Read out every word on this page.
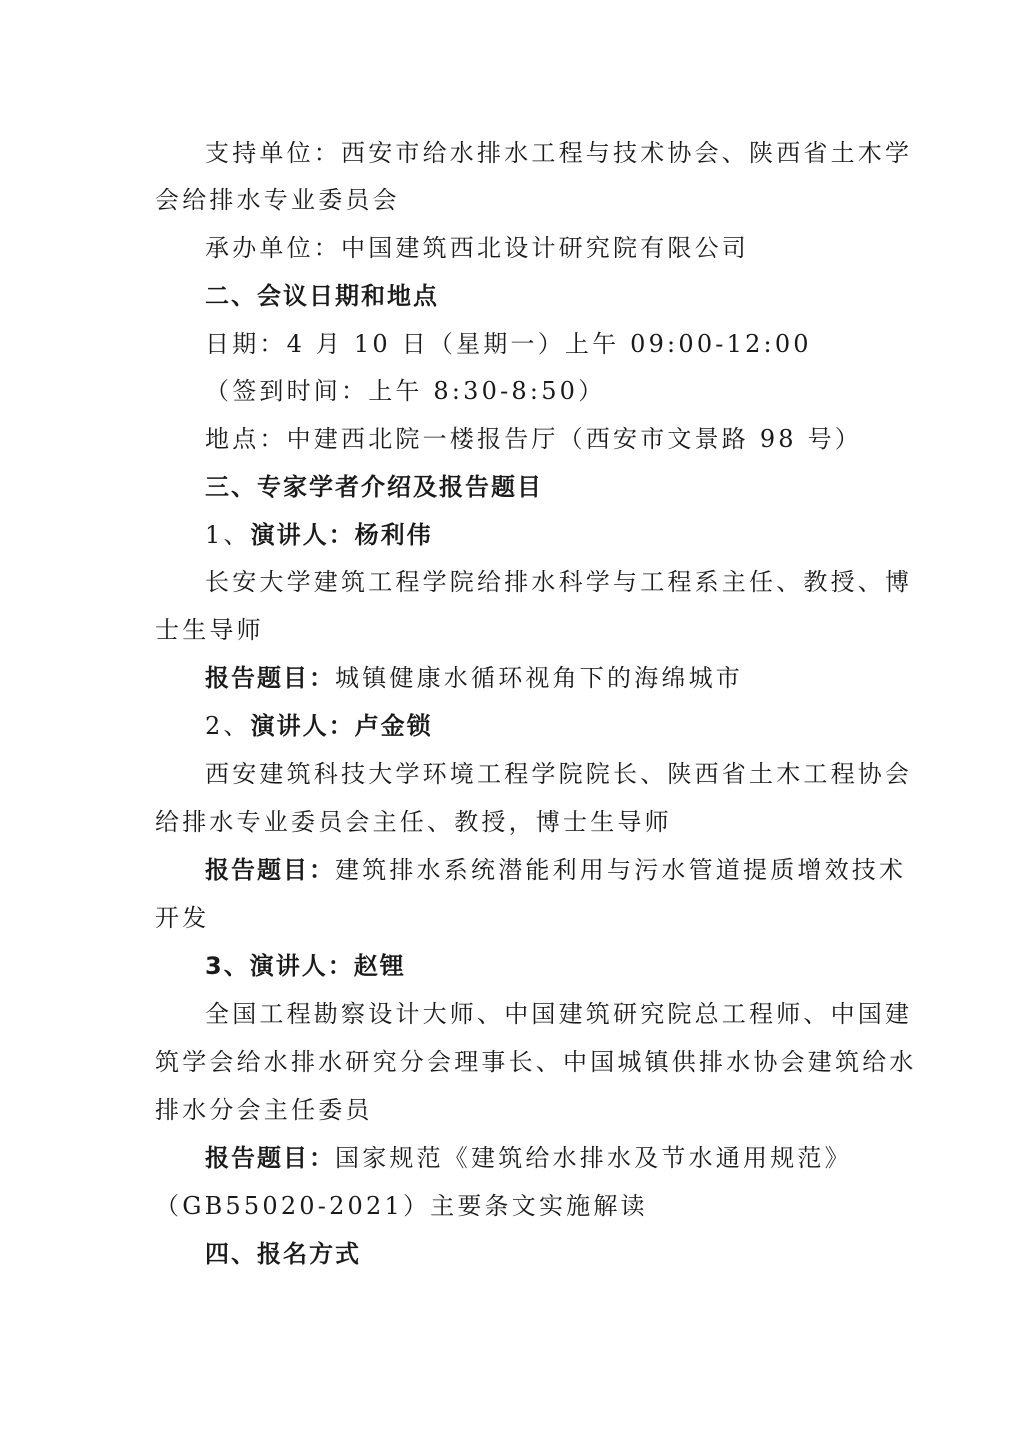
支持单位：西安市给水排水工程与技术协会、陕西省土木学
会给排水专业委员会
承办单位：中国建筑西北设计研究院有限公司
二、会议日期和地点
日期：4 月 10 日（星期一）上午 09:00-12:00
（签到时间：上午 8:30-8:50）
地点：中建西北院一楼报告厅（西安市文景路 98 号）
三、专家学者介绍及报告题目
1、演讲人：杨利伟
长安大学建筑工程学院给排水科学与工程系主任、教授、博
士生导师
报告题目：城镇健康水循环视角下的海绵城市
2、演讲人：卢金锁
西安建筑科技大学环境工程学院院长、陕西省土木工程协会
给排水专业委员会主任、教授，博士生导师
报告题目：建筑排水系统潜能利用与污水管道提质增效技术
开发
3、演讲人：赵锂
全国工程勘察设计大师、中国建筑研究院总工程师、中国建
筑学会给水排水研究分会理事长、中国城镇供排水协会建筑给水
排水分会主任委员
报告题目：国家规范《建筑给水排水及节水通用规范》
（GB55020-2021）主要条文实施解读
四、报名方式
